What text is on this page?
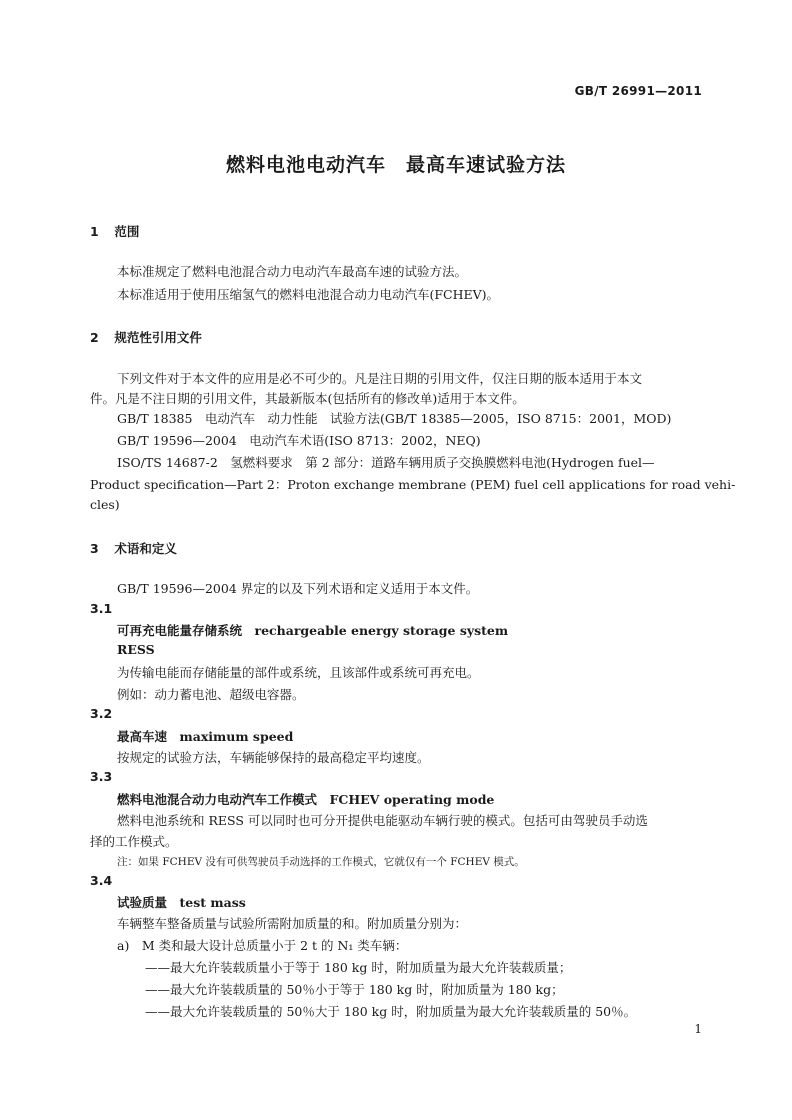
GB/T 26991—2011
燃料电池电动汽车　最高车速试验方法
1 范围
本标准规定了燃料电池混合动力电动汽车最高车速的试验方法。
本标准适用于使用压缩氢气的燃料电池混合动力电动汽车(FCHEV)。
2 规范性引用文件
下列文件对于本文件的应用是必不可少的。凡是注日期的引用文件，仅注日期的版本适用于本文
件。凡是不注日期的引用文件，其最新版本(包括所有的修改单)适用于本文件。
GB/T 18385　电动汽车　动力性能　试验方法(GB/T 18385—2005，ISO 8715：2001，MOD)
GB/T 19596—2004　电动汽车术语(ISO 8713：2002，NEQ)
ISO/TS 14687-2　氢燃料要求　第 2 部分：道路车辆用质子交换膜燃料电池(Hydrogen fuel—
Product specification—Part 2：Proton exchange membrane (PEM) fuel cell applications for road vehi-
cles)
3 术语和定义
GB/T 19596—2004 界定的以及下列术语和定义适用于本文件。
3.1
可再充电能量存储系统　rechargeable energy storage system
RESS
为传输电能而存储能量的部件或系统，且该部件或系统可再充电。
例如：动力蓄电池、超级电容器。
3.2
最高车速　maximum speed
按规定的试验方法，车辆能够保持的最高稳定平均速度。
3.3
燃料电池混合动力电动汽车工作模式　FCHEV operating mode
燃料电池系统和 RESS 可以同时也可分开提供电能驱动车辆行驶的模式。包括可由驾驶员手动选
择的工作模式。
注：如果 FCHEV 没有可供驾驶员手动选择的工作模式，它就仅有一个 FCHEV 模式。
3.4
试验质量　test mass
车辆整车整备质量与试验所需附加质量的和。附加质量分别为：
a)　M 类和最大设计总质量小于 2 t 的 N₁ 类车辆：
——最大允许装载质量小于等于 180 kg 时，附加质量为最大允许装载质量；
——最大允许装载质量的 50％小于等于 180 kg 时，附加质量为 180 kg；
——最大允许装载质量的 50％大于 180 kg 时，附加质量为最大允许装载质量的 50％。
1
